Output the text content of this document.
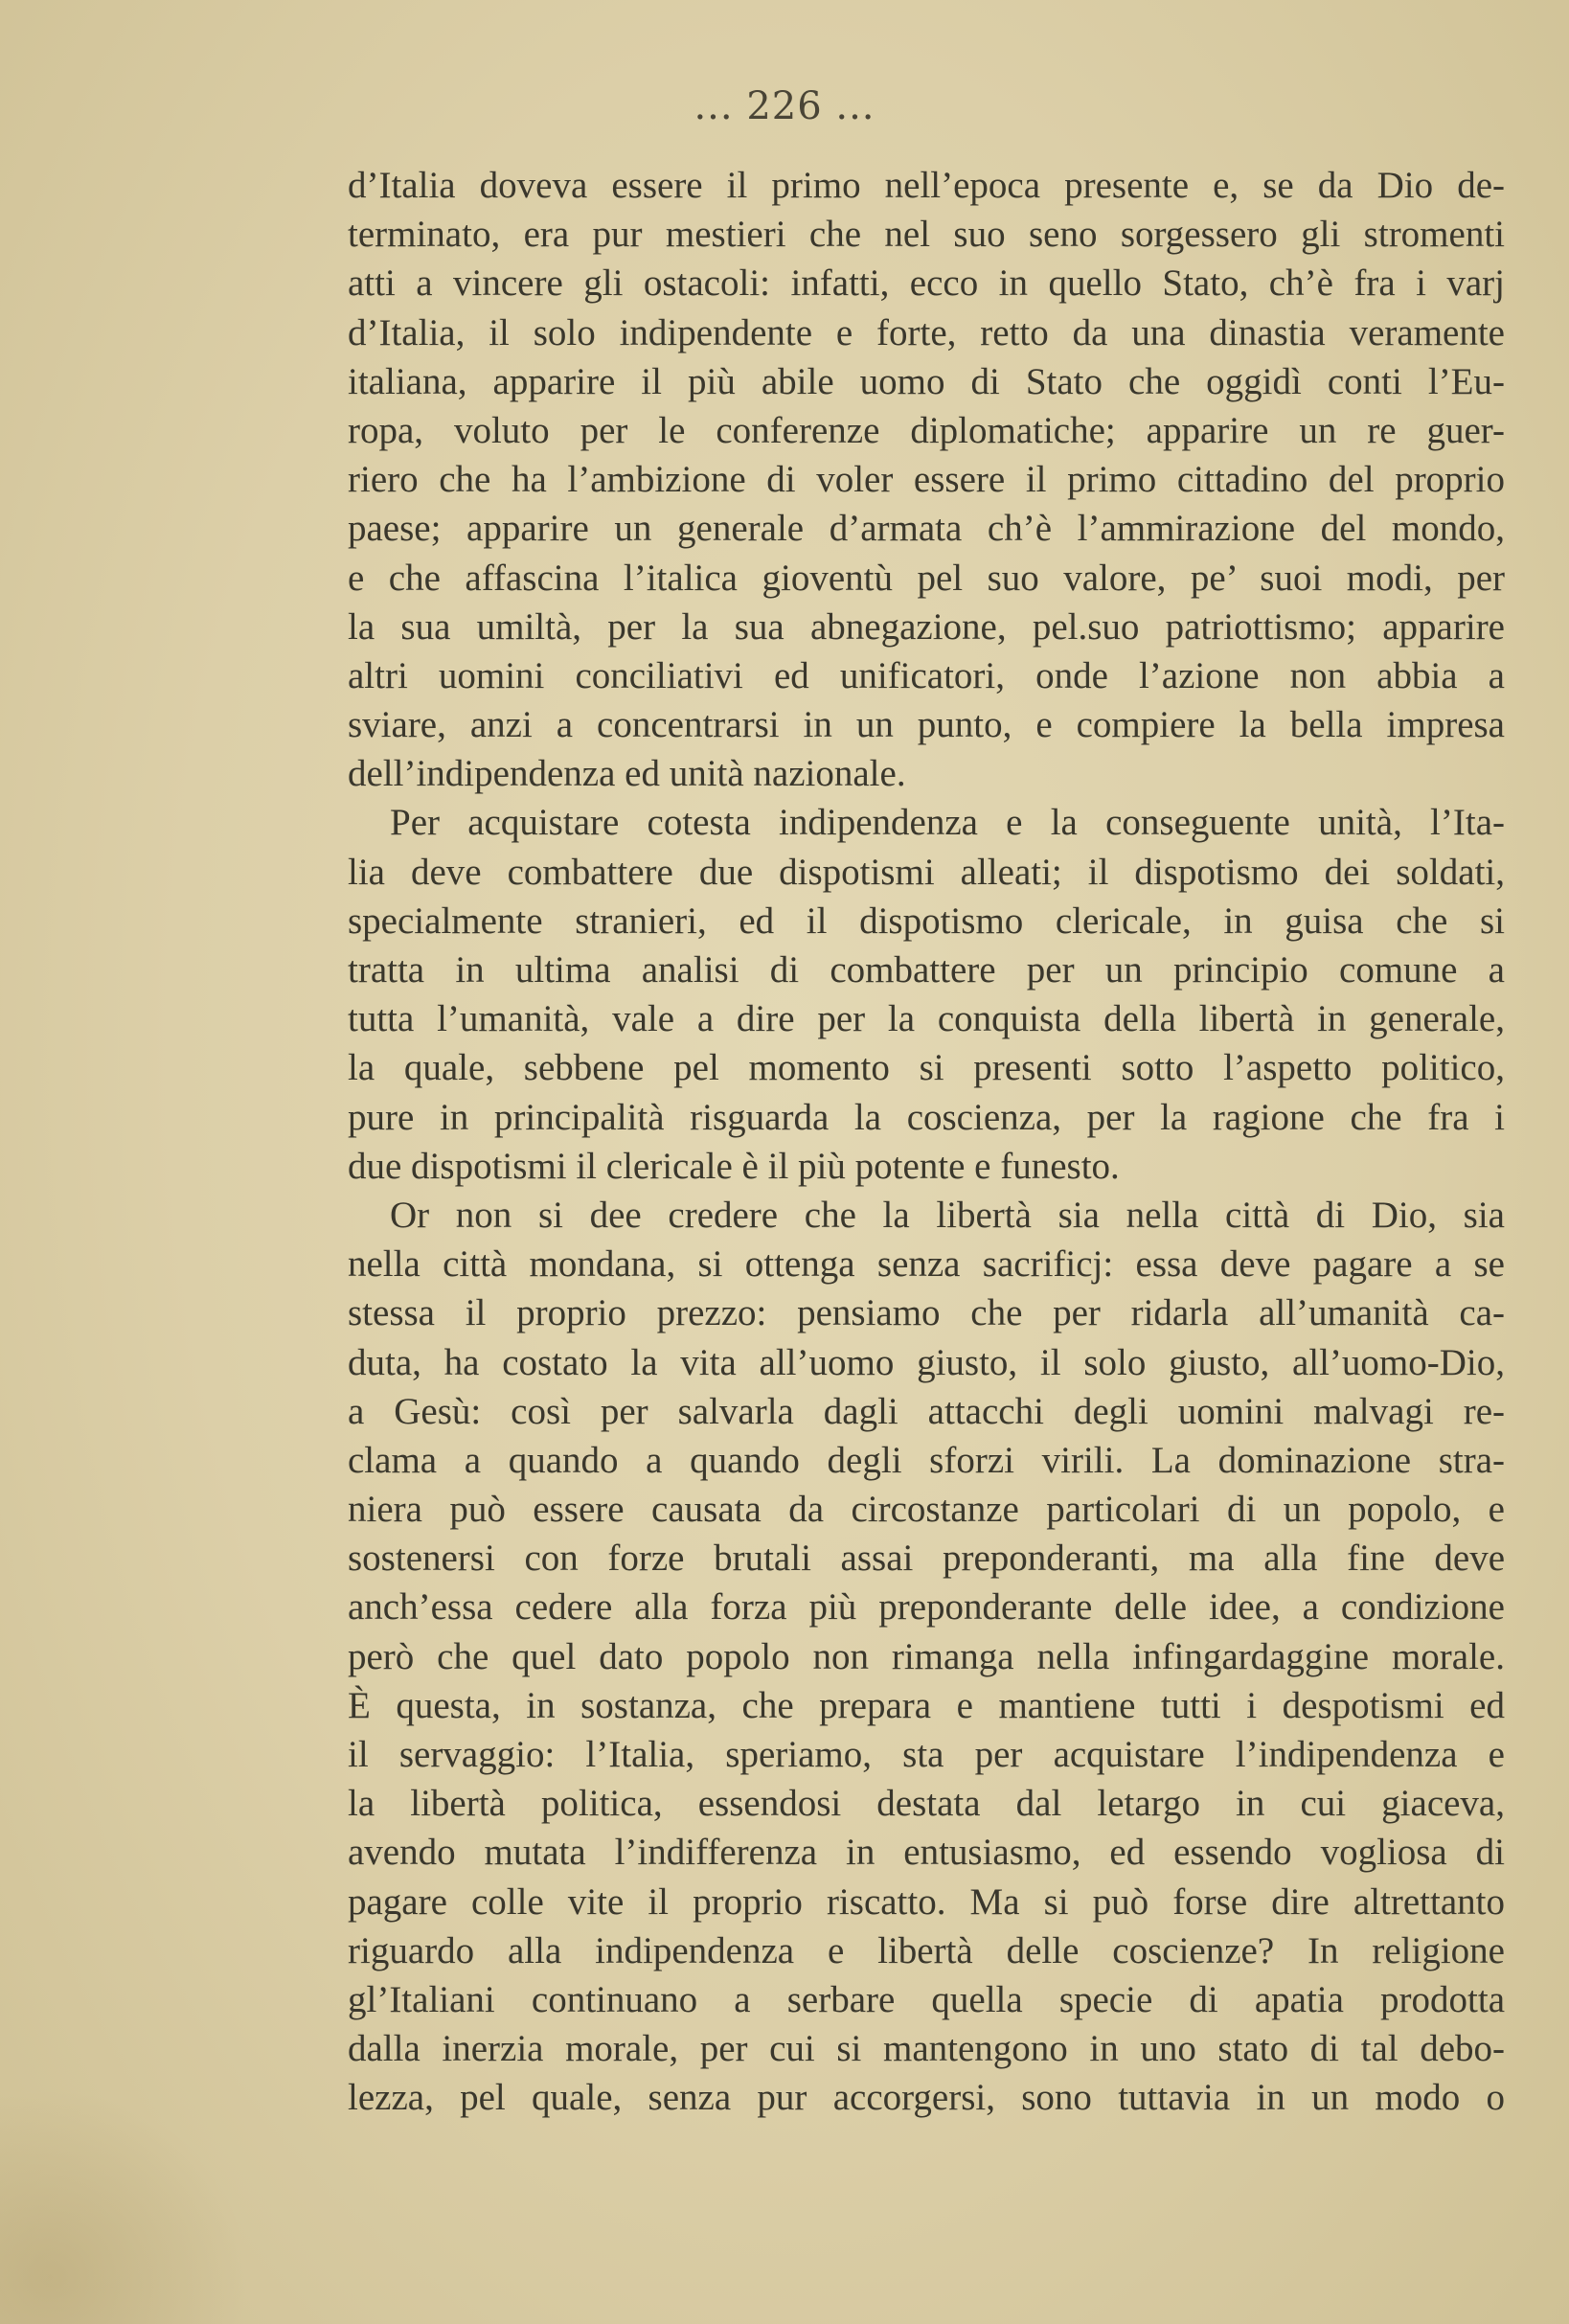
... 226 ...
d’Italia doveva essere il primo nell’epoca presente e, se da Dio de-
terminato, era pur mestieri che nel suo seno sorgessero gli stromenti
atti a vincere gli ostacoli: infatti, ecco in quello Stato, ch’è fra i varj
d’Italia, il solo indipendente e forte, retto da una dinastia veramente
italiana, apparire il più abile uomo di Stato che oggidì conti l’Eu-
ropa, voluto per le conferenze diplomatiche; apparire un re guer-
riero che ha l’ambizione di voler essere il primo cittadino del proprio
paese; apparire un generale d’armata ch’è l’ammirazione del mondo,
e che affascina l’italica gioventù pel suo valore, pe’ suoi modi, per
la sua umiltà, per la sua abnegazione, pel.suo patriottismo; apparire
altri uomini conciliativi ed unificatori, onde l’azione non abbia a
sviare, anzi a concentrarsi in un punto, e compiere la bella impresa
dell’indipendenza ed unità nazionale.
Per acquistare cotesta indipendenza e la conseguente unità, l’Ita-
lia deve combattere due dispotismi alleati; il dispotismo dei soldati,
specialmente stranieri, ed il dispotismo clericale, in guisa che si
tratta in ultima analisi di combattere per un principio comune a
tutta l’umanità, vale a dire per la conquista della libertà in generale,
la quale, sebbene pel momento si presenti sotto l’aspetto politico,
pure in principalità risguarda la coscienza, per la ragione che fra i
due dispotismi il clericale è il più potente e funesto.
Or non si dee credere che la libertà sia nella città di Dio, sia
nella città mondana, si ottenga senza sacrificj: essa deve pagare a se
stessa il proprio prezzo: pensiamo che per ridarla all’umanità ca-
duta, ha costato la vita all’uomo giusto, il solo giusto, all’uomo-Dio,
a Gesù: così per salvarla dagli attacchi degli uomini malvagi re-
clama a quando a quando degli sforzi virili. La dominazione stra-
niera può essere causata da circostanze particolari di un popolo, e
sostenersi con forze brutali assai preponderanti, ma alla fine deve
anch’essa cedere alla forza più preponderante delle idee, a condizione
però che quel dato popolo non rimanga nella infingardaggine morale.
È questa, in sostanza, che prepara e mantiene tutti i despotismi ed
il servaggio: l’Italia, speriamo, sta per acquistare l’indipendenza e
la libertà politica, essendosi destata dal letargo in cui giaceva,
avendo mutata l’indifferenza in entusiasmo, ed essendo vogliosa di
pagare colle vite il proprio riscatto. Ma si può forse dire altrettanto
riguardo alla indipendenza e libertà delle coscienze? In religione
gl’Italiani continuano a serbare quella specie di apatia prodotta
dalla inerzia morale, per cui si mantengono in uno stato di tal debo-
lezza, pel quale, senza pur accorgersi, sono tuttavia in un modo o
